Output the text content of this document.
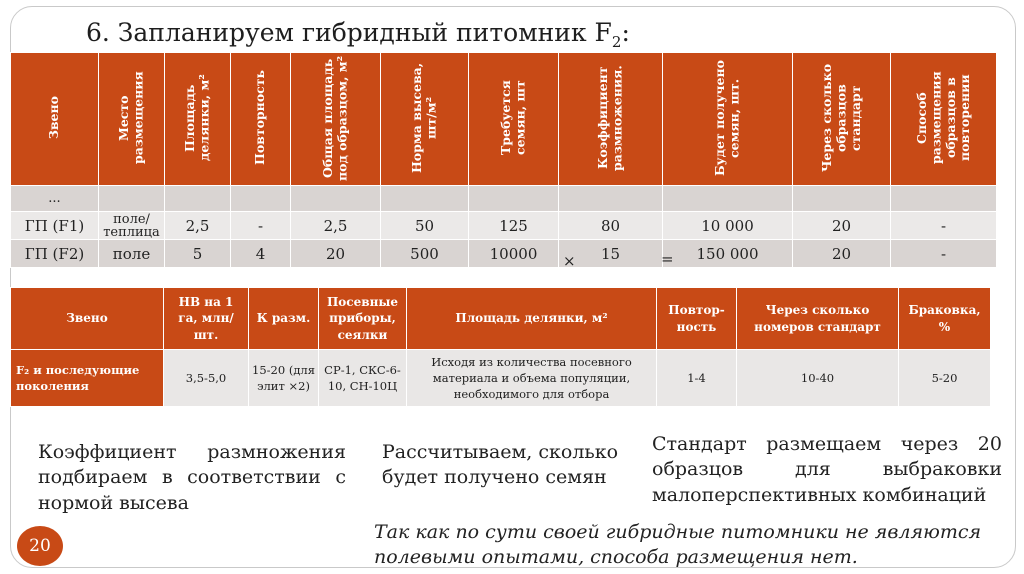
6. Запланируем гибридный питомник $F_2$:
Звено	Место размещения	Площадь делянки, м²	Повторность	Общая площадь под образцом, м²	Норма высева, шт/м²	Требуется семян, шт	Коэффициент размножения.	Будет получено семян, шт.	Через сколько образцов стандарт	Способ размещения образцов в повторении
...										
ГП (F1)	поле/ теплица	2,5	-	2,5	50	125	80	10 000	20	-
ГП (F2)	поле	5	4	20	500	10000	15	150 000	20	-
×	=
Звено	НВ на 1 га, млн/шт.	К разм.	Посевные приборы, сеялки	Площадь делянки, м²	Повтор-ность	Через сколько номеров стандарт	Браковка, %
F₂ и последующие поколения	3,5-5,0	15-20 (для элит ×2)	СР-1, СКС-6-10, СН-10Ц	Исходя из количества посевного материала и объема популяции, необходимого для отбора	1-4	10-40	5-20
Коэффициент размножения подбираем в соответствии с нормой высева
Рассчитываем, сколько будет получено семян
Стандарт размещаем через 20 образцов для выбраковки малоперспективных комбинаций
Так как по сути своей гибридные питомники не являются полевыми опытами, способа размещения нет.
20
